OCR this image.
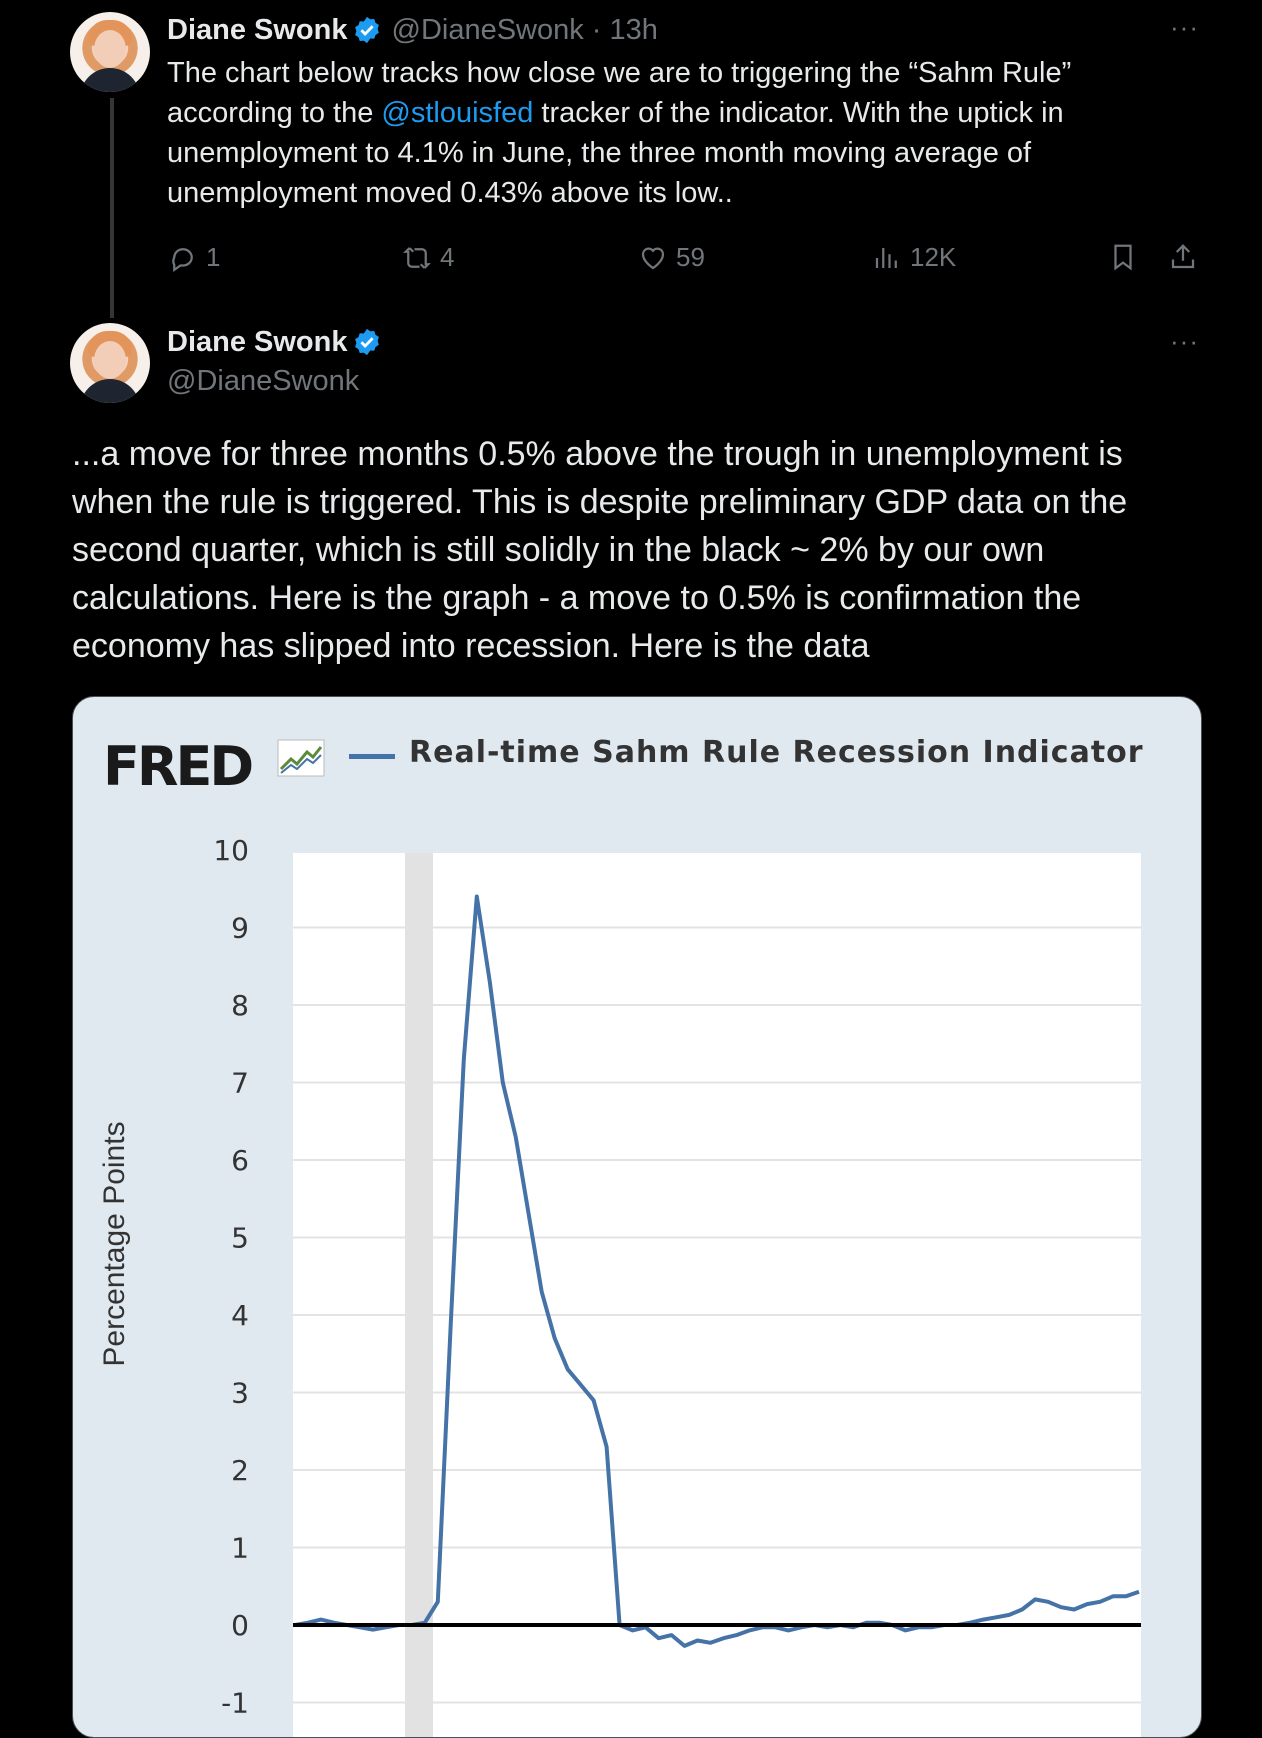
Diane Swonk @DianeSwonk · 13h	···
The chart below tracks how close we are to triggering the “Sahm Rule” according to the @stlouisfed tracker of the indicator. With the uptick in unemployment to 4.1% in June, the three month moving average of unemployment moved 0.43% above its low..
1	4	59	12K
Diane Swonk
@DianeSwonk
···
...a move for three months 0.5% above the trough in unemployment is when the rule is triggered. This is despite preliminary GDP data on the second quarter, which is still solidly in the black ~ 2% by our own calculations. Here is the graph - a move to 0.5% is confirmation the economy has slipped into recession. Here is the data
FRED	Real-time Sahm Rule Recession Indicator
Percentage Points
10
9
8
7
6
5
4
3
2
1
0
-1
